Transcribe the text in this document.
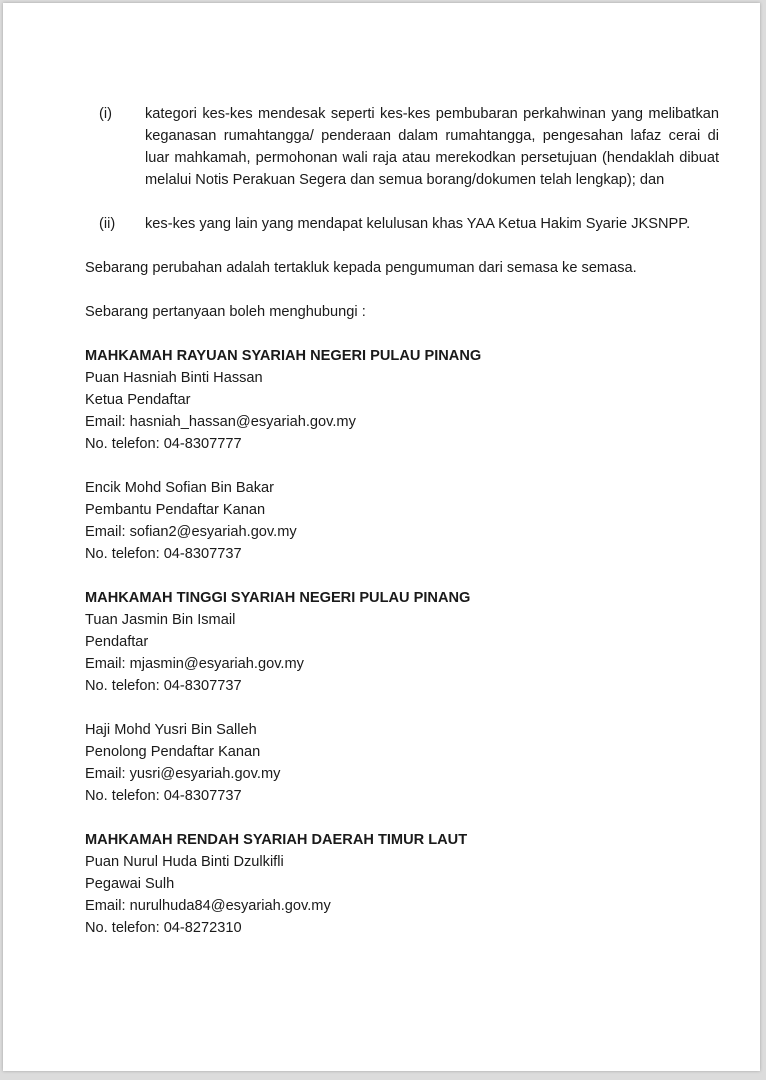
(i)	kategori kes-kes mendesak seperti kes-kes pembubaran perkahwinan yang melibatkan keganasan rumahtangga/ penderaan dalam rumahtangga, pengesahan lafaz cerai di luar mahkamah, permohonan wali raja atau merekodkan persetujuan (hendaklah dibuat melalui Notis Perakuan Segera dan semua borang/dokumen telah lengkap); dan
(ii)	kes-kes yang lain yang mendapat kelulusan khas YAA Ketua Hakim Syarie JKSNPP.

Sebarang perubahan adalah tertakluk kepada pengumuman dari semasa ke semasa.

Sebarang pertanyaan boleh menghubungi :

MAHKAMAH RAYUAN SYARIAH NEGERI PULAU PINANG
Puan Hasniah Binti Hassan
Ketua Pendaftar
Email: hasniah_hassan@esyariah.gov.my
No. telefon: 04-8307777
Encik Mohd Sofian Bin Bakar
Pembantu Pendaftar Kanan
Email: sofian2@esyariah.gov.my
No. telefon: 04-8307737
MAHKAMAH TINGGI SYARIAH NEGERI PULAU PINANG
Tuan Jasmin Bin Ismail
Pendaftar
Email: mjasmin@esyariah.gov.my
No. telefon: 04-8307737
Haji Mohd Yusri Bin Salleh
Penolong Pendaftar Kanan
Email: yusri@esyariah.gov.my
No. telefon: 04-8307737
MAHKAMAH RENDAH SYARIAH DAERAH TIMUR LAUT
Puan Nurul Huda Binti Dzulkifli
Pegawai Sulh
Email: nurulhuda84@esyariah.gov.my
No. telefon: 04-8272310
